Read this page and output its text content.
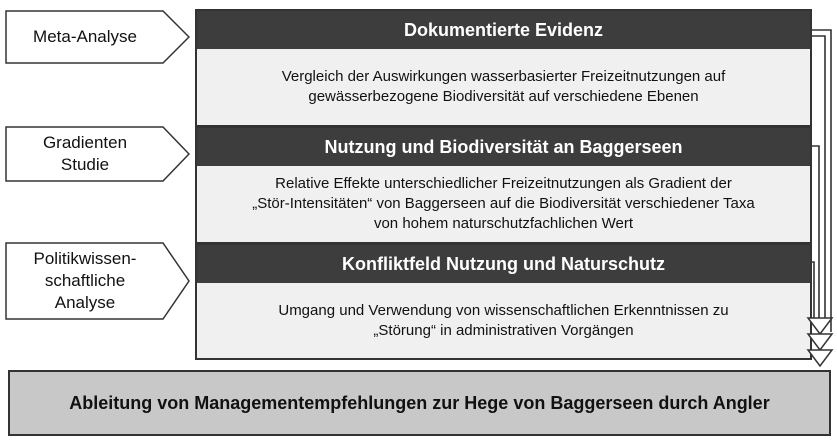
Meta-Analyse
Gradienten
Studie
Politikwissen-
schaftliche
Analyse
Dokumentierte Evidenz
Vergleich der Auswirkungen wasserbasierter Freizeitnutzungen auf
gewässerbezogene Biodiversität auf verschiedene Ebenen
Nutzung und Biodiversität an Baggerseen
Relative Effekte unterschiedlicher Freizeitnutzungen als Gradient der
„Stör-Intensitäten“ von Baggerseen auf die Biodiversität verschiedener Taxa
von hohem naturschutzfachlichen Wert
Konfliktfeld Nutzung und Naturschutz
Umgang und Verwendung von wissenschaftlichen Erkenntnissen zu
„Störung“ in administrativen Vorgängen
Ableitung von Managementempfehlungen zur Hege von Baggerseen durch Angler
